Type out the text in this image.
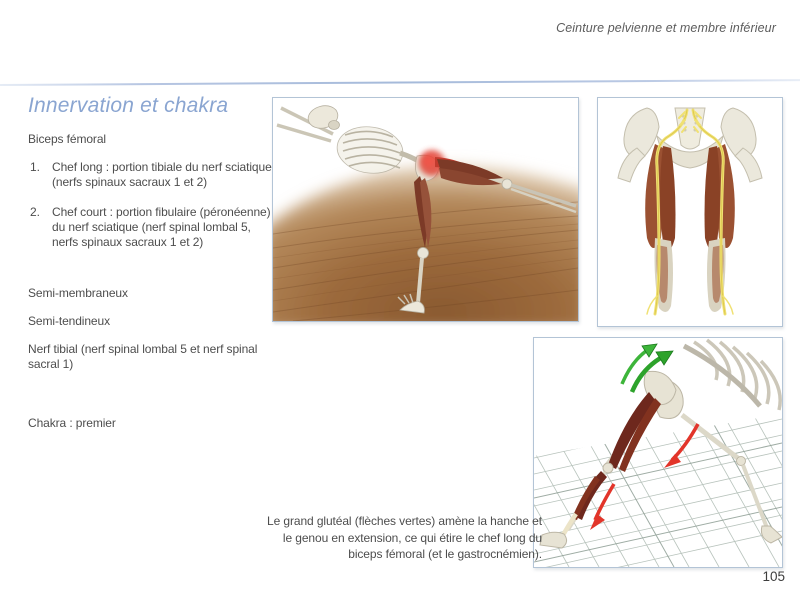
Ceinture pelvienne et membre inférieur
Innervation et chakra

Biceps fémoral

1. Chef long : portion tibiale du nerf sciatique (nerfs spinaux sacraux 1 et 2)
2. Chef court : portion fibulaire (péronéenne) du nerf sciatique (nerf spinal lombal 5, nerfs spinaux sacraux 1 et 2)

Semi-membraneux

Semi-tendineux

Nerf tibial (nerf spinal lombal 5 et nerf spinal sacral 1)

Chakra : premier

Le grand glutéal (flèches vertes) amène la hanche et le genou en extension, ce qui étire le chef long du biceps fémoral (et le gastrocnémien).

105
